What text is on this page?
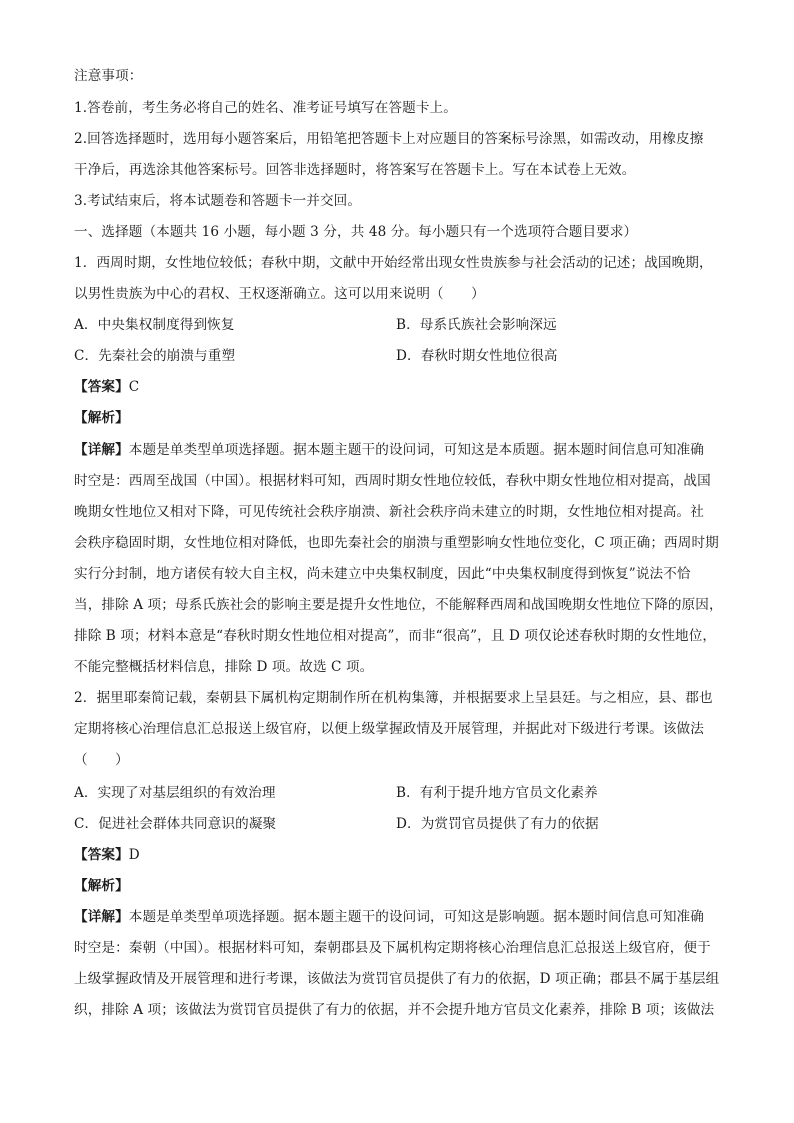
注意事项：
1.答卷前，考生务必将自己的姓名、准考证号填写在答题卡上。
2.回答选择题时，选用每小题答案后，用铅笔把答题卡上对应题目的答案标号涂黑，如需改动，用橡皮擦
干净后，再选涂其他答案标号。回答非选择题时，将答案写在答题卡上。写在本试卷上无效。
3.考试结束后，将本试题卷和答题卡一并交回。
一、选择题（本题共 16 小题，每小题 3 分，共 48 分。每小题只有一个选项符合题目要求）
1．西周时期，女性地位较低；春秋中期，文献中开始经常出现女性贵族参与社会活动的记述；战国晚期，
以男性贵族为中心的君权、王权逐渐确立。这可以用来说明（　　）
A．中央集权制度得到恢复	B．母系氏族社会影响深远
C．先秦社会的崩溃与重塑	D．春秋时期女性地位很高
【答案】C
【解析】
【详解】本题是单类型单项选择题。据本题主题干的设问词，可知这是本质题。据本题时间信息可知准确
时空是：西周至战国（中国）。根据材料可知，西周时期女性地位较低，春秋中期女性地位相对提高，战国
晚期女性地位又相对下降，可见传统社会秩序崩溃、新社会秩序尚未建立的时期，女性地位相对提高。社
会秩序稳固时期，女性地位相对降低，也即先秦社会的崩溃与重塑影响女性地位变化，C 项正确；西周时期
实行分封制，地方诸侯有较大自主权，尚未建立中央集权制度，因此“中央集权制度得到恢复”说法不恰
当，排除 A 项；母系氏族社会的影响主要是提升女性地位，不能解释西周和战国晚期女性地位下降的原因，
排除 B 项；材料本意是“春秋时期女性地位相对提高”，而非“很高”，且 D 项仅论述春秋时期的女性地位，
不能完整概括材料信息，排除 D 项。故选 C 项。
2．据里耶秦简记载，秦朝县下属机构定期制作所在机构集簿，并根据要求上呈县廷。与之相应，县、郡也
定期将核心治理信息汇总报送上级官府，以便上级掌握政情及开展管理，并据此对下级进行考课。该做法
（　　）
A．实现了对基层组织的有效治理	B．有利于提升地方官员文化素养
C．促进社会群体共同意识的凝聚	D．为赏罚官员提供了有力的依据
【答案】D
【解析】
【详解】本题是单类型单项选择题。据本题主题干的设问词，可知这是影响题。据本题时间信息可知准确
时空是：秦朝（中国）。根据材料可知，秦朝郡县及下属机构定期将核心治理信息汇总报送上级官府，便于
上级掌握政情及开展管理和进行考课，该做法为赏罚官员提供了有力的依据，D 项正确；郡县不属于基层组
织，排除 A 项；该做法为赏罚官员提供了有力的依据，并不会提升地方官员文化素养，排除 B 项；该做法
